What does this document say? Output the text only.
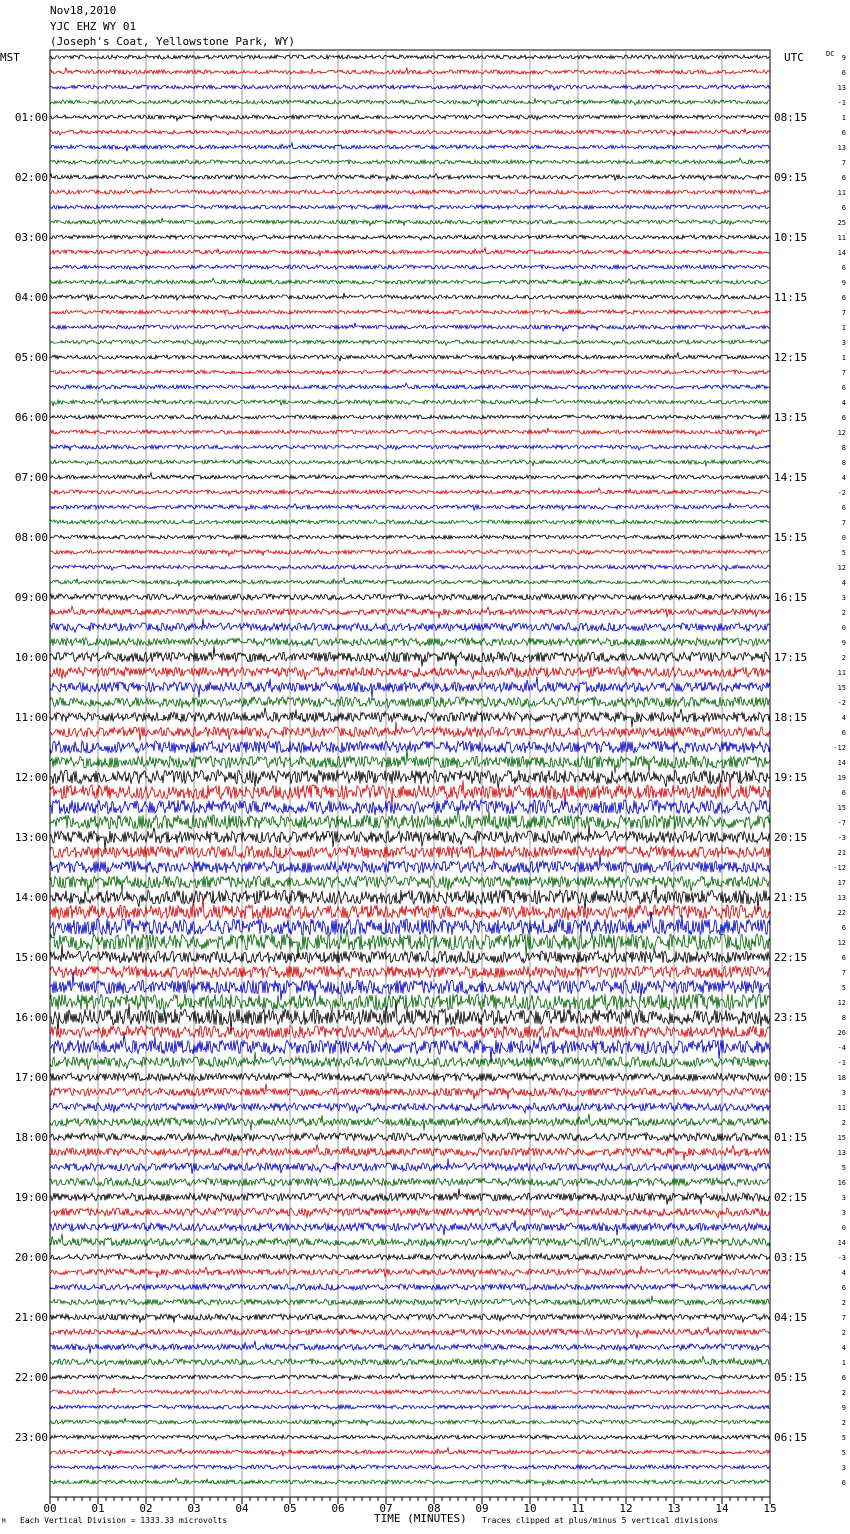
Nov18,2010
YJC EHZ WY 01
(Joseph's Coat, Yellowstone Park, WY)
MST	UTC	DC 9
6
13
-1
1
6
13
7
6
11
6
25
11
14
6
9
6
7
1
3
1
7
6
4
6
12
8
8
4
-2
6
7
0
5
12
4
3
2
0
9
2
11
15
-2
4
6
-12
14
19
6
15
-7
-3
21
-12
17
13
22
6
12
6
7
5
12
8
26
-4
-1
18
3
11
2
15
13
5
16
3
3
0
14
-3
4
6
2
7
2
4
1
6
2
9
2
5
5
3
6
01:00
02:00
03:00
04:00
05:00
06:00
07:00
08:00
09:00
10:00
11:00
12:00
13:00
14:00
15:00
16:00
17:00
18:00
19:00
20:00
21:00
22:00
23:00
08:15
09:15
10:15
11:15
12:15
13:15
14:15
15:15
16:15
17:15
18:15
19:15
20:15
21:15
22:15
23:15
00:15
01:15
02:15
03:15
04:15
05:15
06:15
00	01	02	03	04	05	06	07	08	09	10	11	12	13	14	15
Each Vertical Division = 1333.33 microvolts	TIME (MINUTES) Traces clipped at plus/minus 5 vertical divisions
M
